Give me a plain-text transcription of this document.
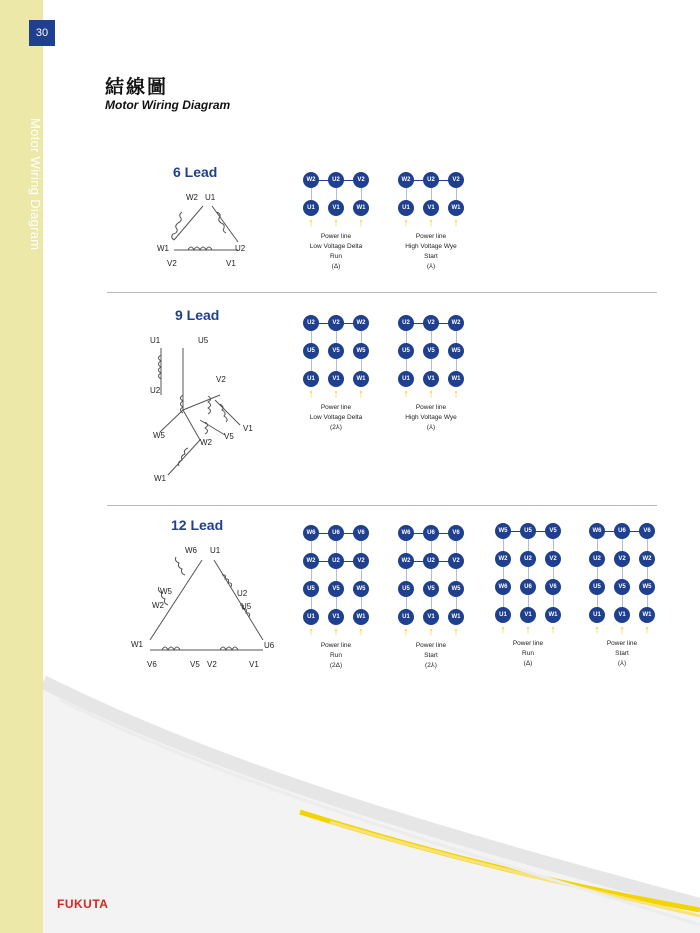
30
Motor Wiring Diagram
結線圖
Motor Wiring Diagram
6 Lead
9 Lead
12 Lead
W2 U1
W1	U2
V2	V1
U1	U5
U2
V2
W5
W2
V5
V1
W1
W6 U1
W5	U2
W2	U5
W1	U6
V6	V5 V2	V1
W2	U2	V2
U1	V1	W1
↑ ↑ ↑
Power line
Low Voltage Delta
Run
(Δ)
W2	U2	V2
U1	V1	W1
↑ ↑ ↑
Power line
High Voltage Wye
Start
(⅄)
U2	V2	W2
U5	V5	W5
U1	V1	W1
↑ ↑ ↑
Power line
Low Voltage Delta
(2⅄)
U2	V2	W2
U5	V5	W5
U1	V1	W1
↑ ↑ ↑
Power line
High Voltage Wye
(⅄)
W6	U6	V6
W2	U2	V2
U5	V5	W5
U1	V1	W1
↑ ↑ ↑
Power line
Run
(2Δ)
W6	U6	V6
W2	U2	V2
U5	V5	W5
U1	V1	W1
↑ ↑ ↑
Power line
Start
(2⅄)
W5	U5	V5
W2	U2	V2
W6	U6	V6
U1	V1	W1
↑ ↑ ↑
Power line
Run
(Δ)
W6	U6	V6
U2	V2	W2
U5	V5	W5
U1	V1	W1
↑ ↑ ↑
Power line
Start
(⅄)
FUKUTA
